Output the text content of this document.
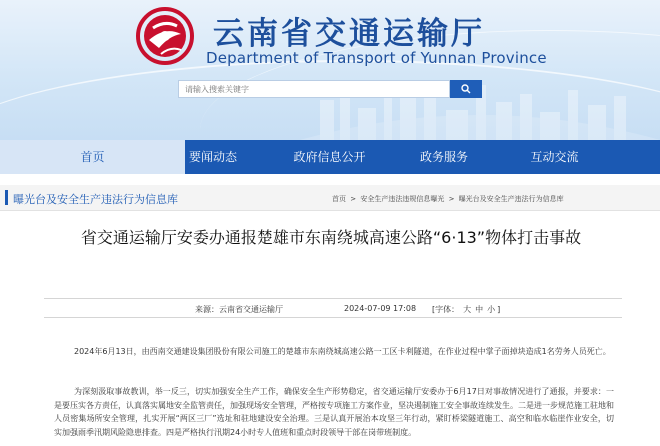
云南省交通运输厅
Department of Transport of Yunnan Province
请输入搜索关键字
首页	要闻动态	政府信息公开	政务服务	互动交流
曝光台及安全生产违法行为信息库	首页 > 安全生产违法违规信息曝光 > 曝光台及安全生产违法行为信息库
省交通运输厅安委办通报楚雄市东南绕城高速公路“6·13”物体打击事故
来源：云南省交通运输厅	2024-07-09 17:08 [字体： 大 中 小 ]

2024年6月13日，由西南交通建设集团股份有限公司施工的楚雄市东南绕城高速公路一工区卡利隧道，在作业过程中掌子面掉块造成1名劳务人员死亡。

为深刻汲取事故教训，举一反三，切实加强安全生产工作，确保安全生产形势稳定，省交通运输厅安委办于6月17日对事故情况进行了通报，并要求：一是要压实各方责任，认真落实属地安全监管责任，加强现场安全管理，严格按专项施工方案作业，坚决遏制施工安全事故连续发生。二是进一步规范施工驻地和人员密集场所安全管理，扎实开展“两区三厂”选址和驻地建设安全治理。三是认真开展治本攻坚三年行动，紧盯桥梁隧道施工、高空和临水临崖作业安全，切实加强雨季汛期风险隐患排查。四是严格执行汛期24小时专人值班和重点时段领导干部在岗带班制度。
